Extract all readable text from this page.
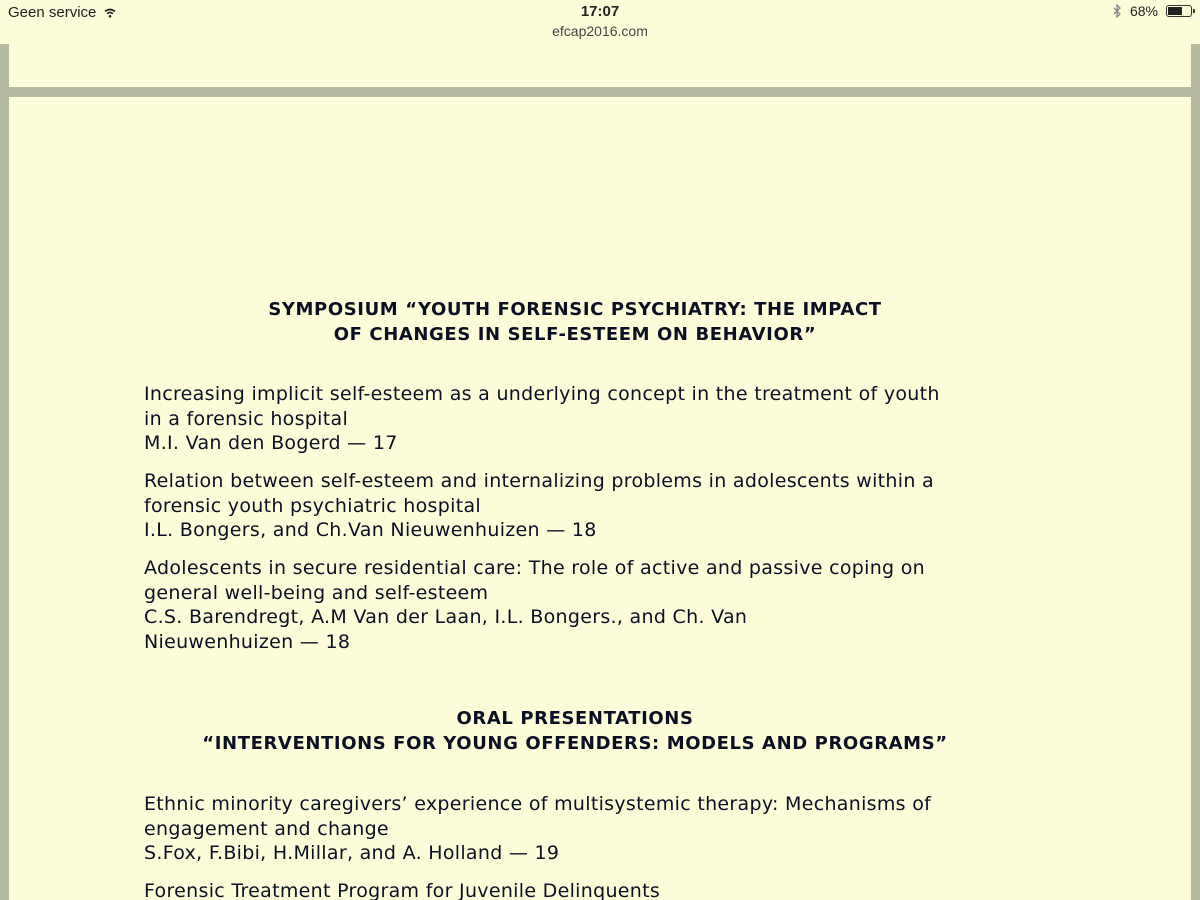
Geen service	17:07
efcap2016.com
68%
SYMPOSIUM “YOUTH FORENSIC PSYCHIATRY: THE IMPACT
OF CHANGES IN SELF-ESTEEM ON BEHAVIOR”
Increasing implicit self-esteem as a underlying concept in the treatment of youth
in a forensic hospital
M.I. Van den Bogerd — 17
Relation between self-esteem and internalizing problems in adolescents within a
forensic youth psychiatric hospital
I.L. Bongers, and Ch.Van Nieuwenhuizen — 18
Adolescents in secure residential care: The role of active and passive coping on
general well-being and self-esteem
C.S. Barendregt, A.M Van der Laan, I.L. Bongers., and Ch. Van
Nieuwenhuizen — 18
ORAL PRESENTATIONS
“INTERVENTIONS FOR YOUNG OFFENDERS: MODELS AND PROGRAMS”
Ethnic minority caregivers’ experience of multisystemic therapy: Mechanisms of
engagement and change
S.Fox, F.Bibi, H.Millar, and A. Holland — 19
Forensic Treatment Program for Juvenile Delinquents
